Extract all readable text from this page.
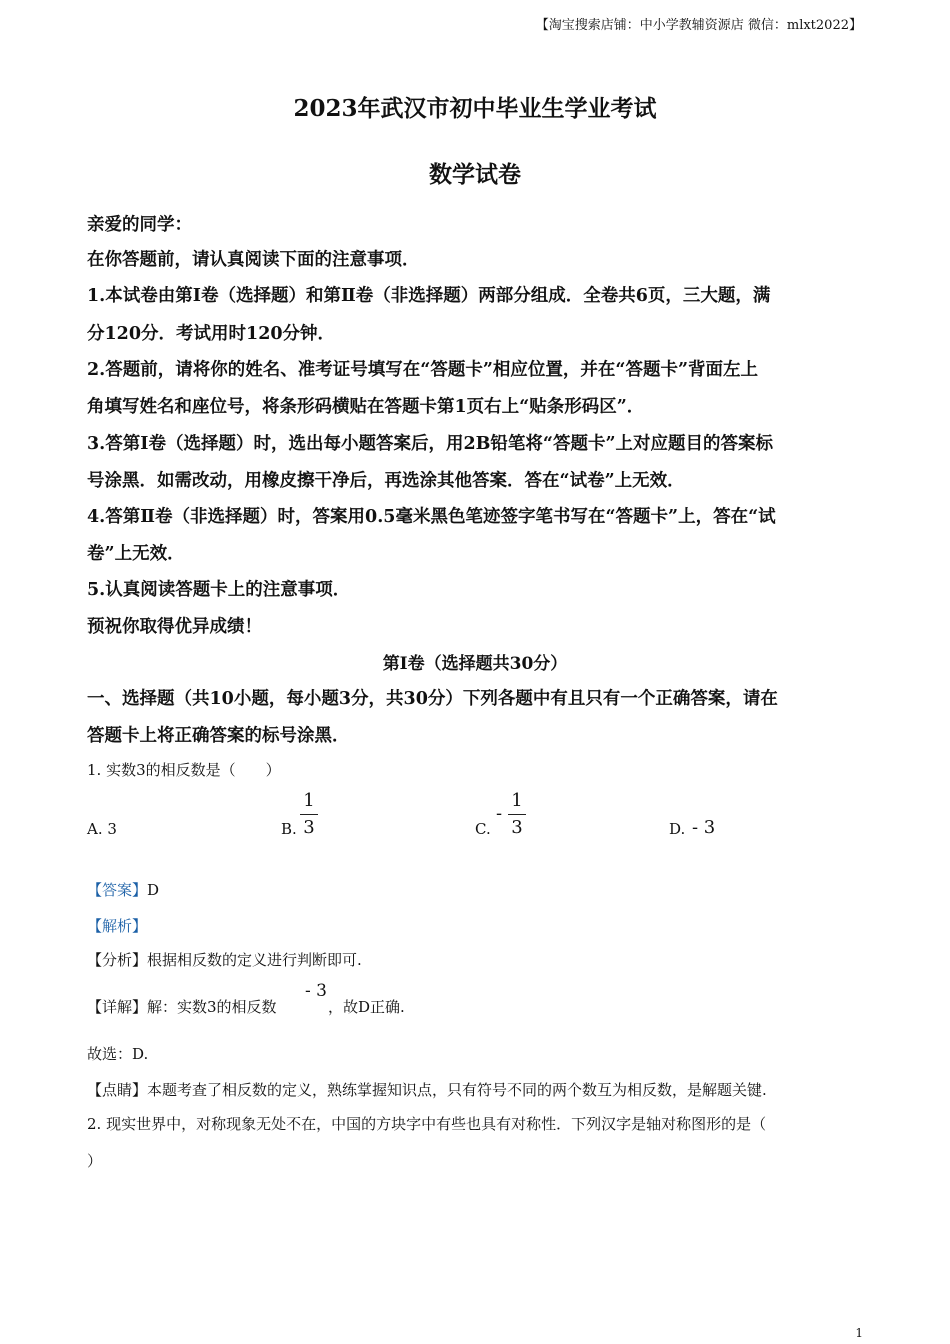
【淘宝搜索店铺：中小学教辅资源店 微信：mlxt2022】
2023年武汉市初中毕业生学业考试
数学试卷
亲爱的同学：
在你答题前，请认真阅读下面的注意事项．
1.本试卷由第Ⅰ卷（选择题）和第Ⅱ卷（非选择题）两部分组成．全卷共6页，三大题，满
分120分．考试用时120分钟．
2.答题前，请将你的姓名、准考证号填写在“答题卡”相应位置，并在“答题卡”背面左上
角填写姓名和座位号，将条形码横贴在答题卡第1页右上“贴条形码区”．
3.答第Ⅰ卷（选择题）时，选出每小题答案后，用2B铅笔将“答题卡”上对应题目的答案标
号涂黑．如需改动，用橡皮擦干净后，再选涂其他答案．答在“试卷”上无效．
4.答第Ⅱ卷（非选择题）时，答案用0.5毫米黑色笔迹签字笔书写在“答题卡”上，答在“试
卷”上无效．
5.认真阅读答题卡上的注意事项．
预祝你取得优异成绩！
第Ⅰ卷（选择题共30分）
一、选择题（共10小题，每小题3分，共30分）下列各题中有且只有一个正确答案，请在
答题卡上将正确答案的标号涂黑．
1. 实数3的相反数是（　　）
A. 3	B.
1
3	C.
-
1
3	D. - 3
【答案】D
【解析】
【分析】根据相反数的定义进行判断即可.
【详解】解：实数3的相反数
- 3
，故D正确.
故选：D.
【点睛】本题考查了相反数的定义，熟练掌握知识点，只有符号不同的两个数互为相反数，是解题关键.
2. 现实世界中，对称现象无处不在，中国的方块字中有些也具有对称性．下列汉字是轴对称图形的是（
）
1
